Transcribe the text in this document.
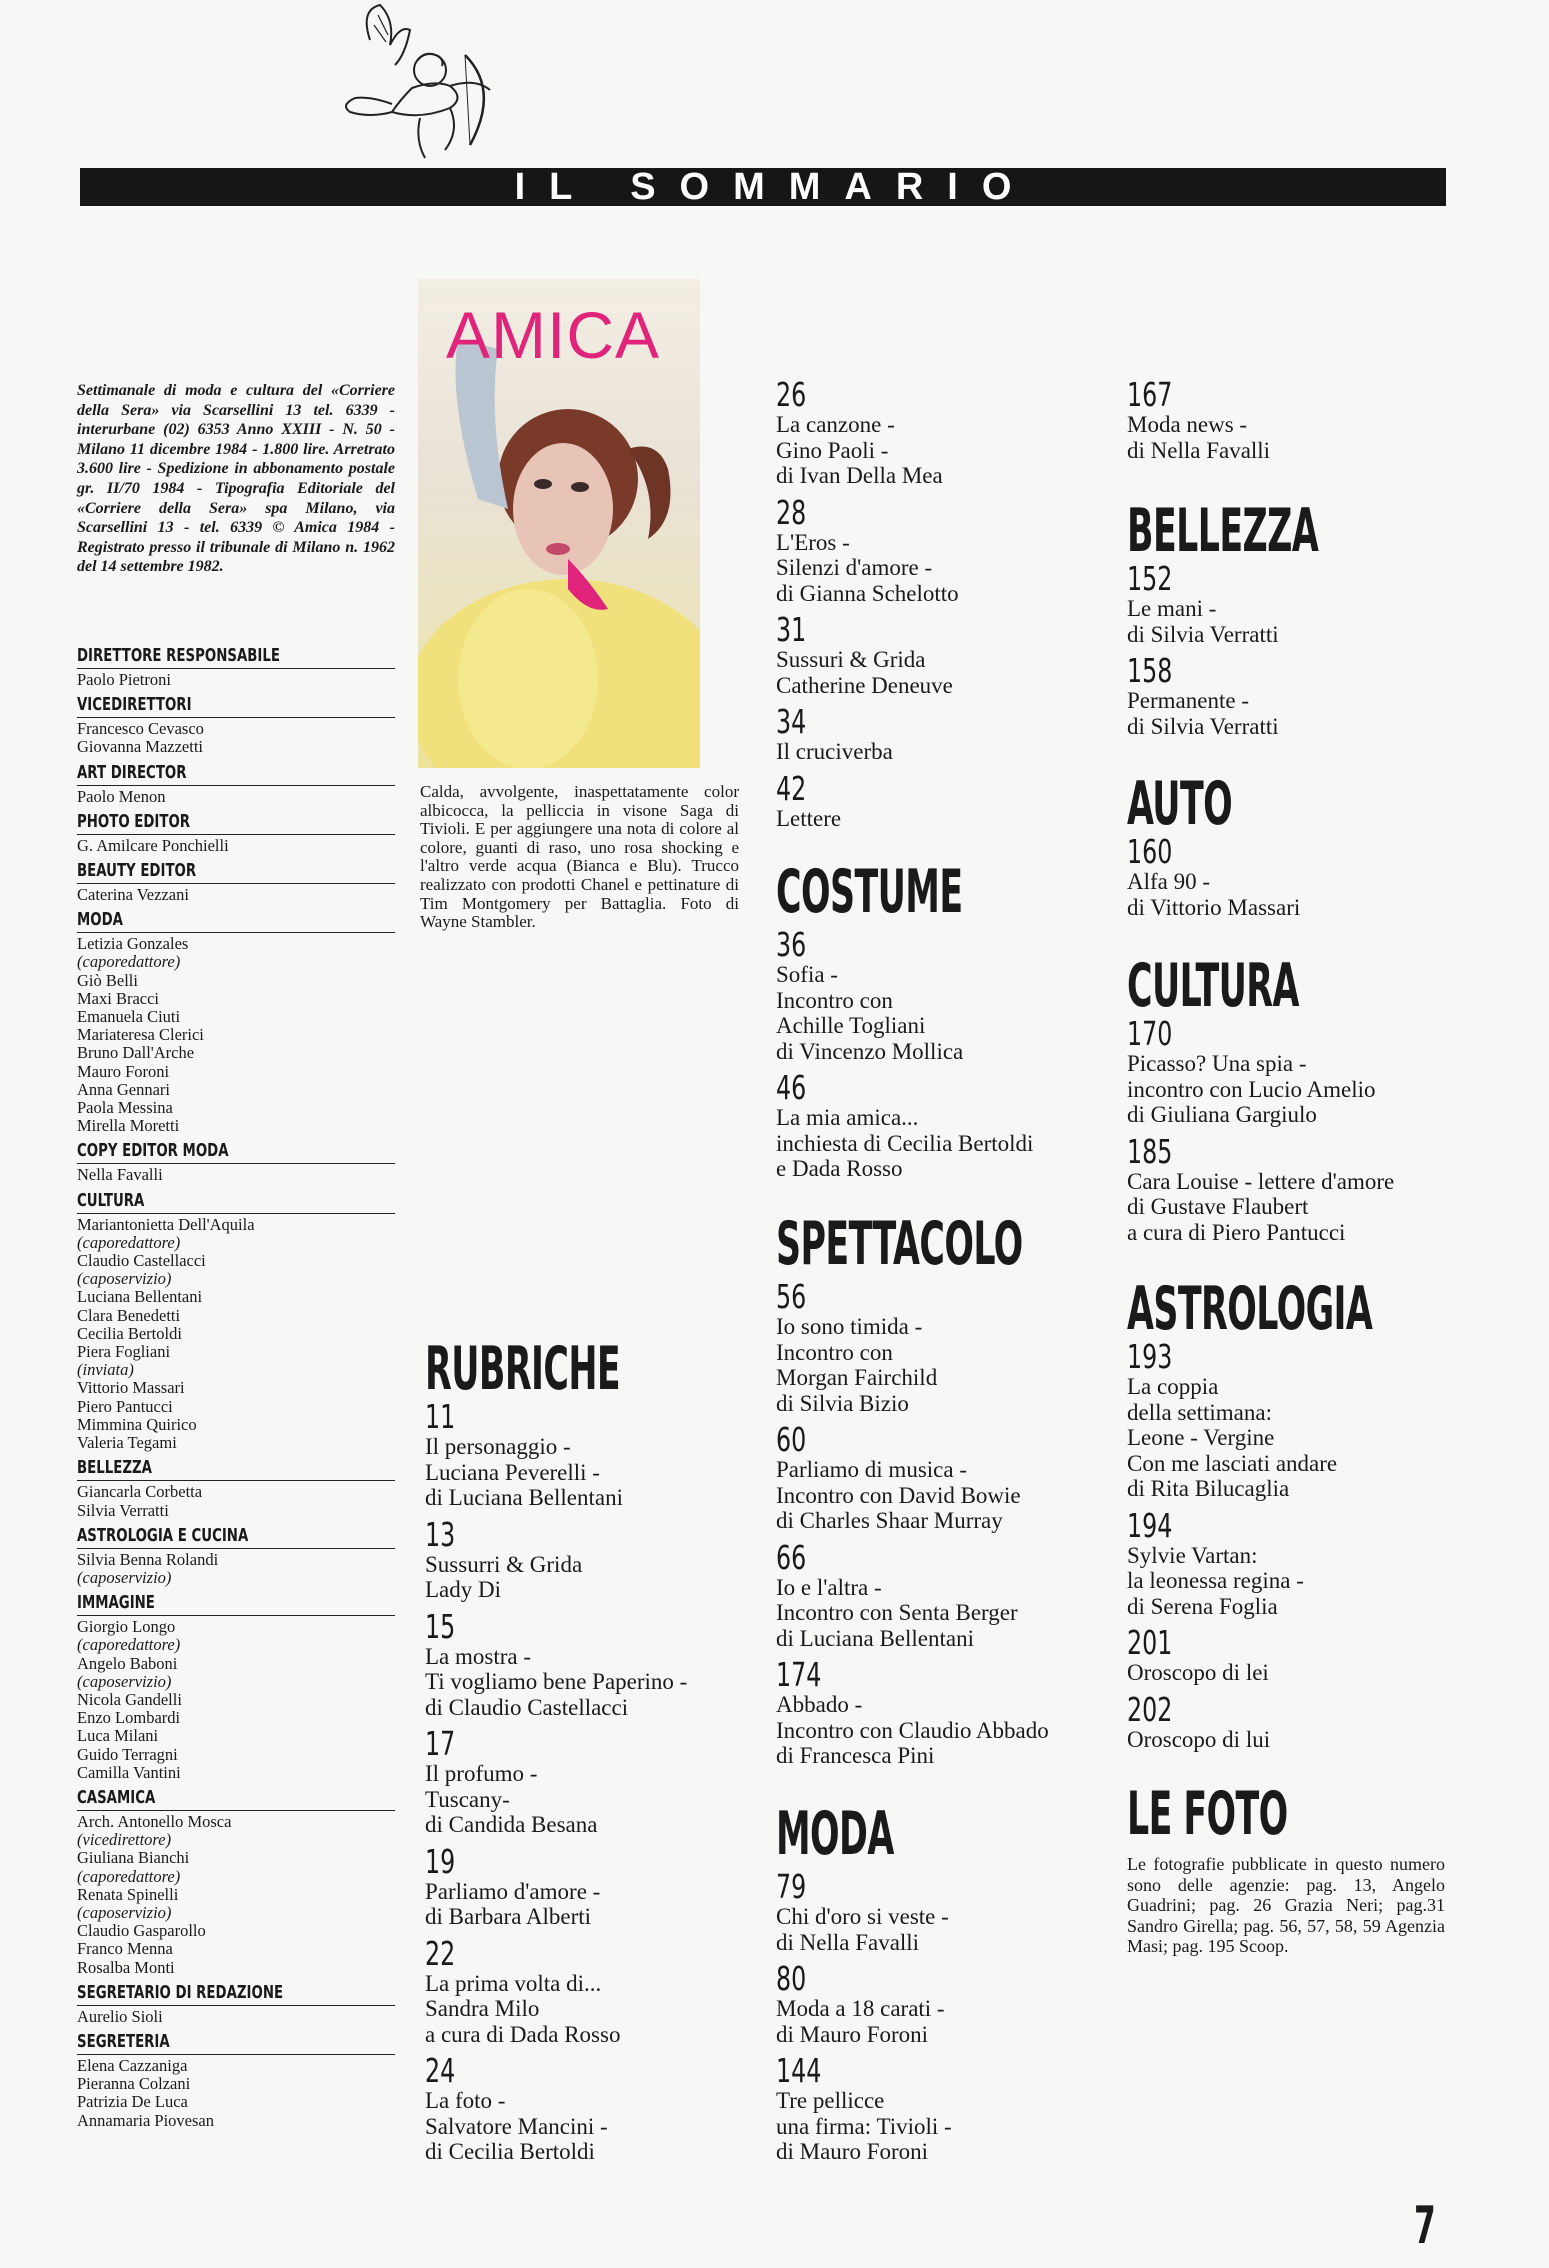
IL SOMMARIO
Settimanale di moda e cultura del «Corriere della Sera» via Scarsellini 13 tel. 6339 - interurbane (02) 6353 Anno XXIII - N. 50 - Milano 11 dicembre 1984 - 1.800 lire. Arretrato 3.600 lire - Spedizione in abbonamento postale gr. II/70 1984 - Tipografia Editoriale del «Corriere della Sera» spa Milano, via Scarsellini 13 - tel. 6339 © Amica 1984 - Registrato presso il tribunale di Milano n. 1962 del 14 settembre 1982.
DIRETTORE RESPONSABILE
Paolo Pietroni
VICEDIRETTORI
Francesco Cevasco
Giovanna Mazzetti
ART DIRECTOR
Paolo Menon
PHOTO EDITOR
G. Amilcare Ponchielli
BEAUTY EDITOR
Caterina Vezzani
MODA
Letizia Gonzales
(caporedattore)
Giò Belli
Maxi Bracci
Emanuela Ciuti
Mariateresa Clerici
Bruno Dall'Arche
Mauro Foroni
Anna Gennari
Paola Messina
Mirella Moretti
COPY EDITOR MODA
Nella Favalli
CULTURA
Mariantonietta Dell'Aquila
(caporedattore)
Claudio Castellacci
(caposervizio)
Luciana Bellentani
Clara Benedetti
Cecilia Bertoldi
Piera Fogliani
(inviata)
Vittorio Massari
Piero Pantucci
Mimmina Quirico
Valeria Tegami
BELLEZZA
Giancarla Corbetta
Silvia Verratti
ASTROLOGIA E CUCINA
Silvia Benna Rolandi
(caposervizio)
IMMAGINE
Giorgio Longo
(caporedattore)
Angelo Baboni
(caposervizio)
Nicola Gandelli
Enzo Lombardi
Luca Milani
Guido Terragni
Camilla Vantini
CASAMICA
Arch. Antonello Mosca
(vicedirettore)
Giuliana Bianchi
(caporedattore)
Renata Spinelli
(caposervizio)
Claudio Gasparollo
Franco Menna
Rosalba Monti
SEGRETARIO DI REDAZIONE
Aurelio Sioli
SEGRETERIA
Elena Cazzaniga
Pieranna Colzani
Patrizia De Luca
Annamaria Piovesan
AMICA
Calda, avvolgente, inaspettatamente color albicocca, la pelliccia in visone Saga di Tivioli. E per aggiungere una nota di colore al colore, guanti di raso, uno rosa shocking e l'altro verde acqua (Bianca e Blu). Trucco realizzato con prodotti Chanel e pettinature di Tim Montgomery per Battaglia. Foto di Wayne Stambler.
RUBRICHE
11
Il personaggio -
Luciana Peverelli -
di Luciana Bellentani
13
Sussurri & Grida
Lady Di
15
La mostra -
Ti vogliamo bene Paperino -
di Claudio Castellacci
17
Il profumo -
Tuscany-
di Candida Besana
19
Parliamo d'amore -
di Barbara Alberti
22
La prima volta di...
Sandra Milo
a cura di Dada Rosso
24
La foto -
Salvatore Mancini -
di Cecilia Bertoldi
26
La canzone -
Gino Paoli -
di Ivan Della Mea
28
L'Eros -
Silenzi d'amore -
di Gianna Schelotto
31
Sussuri & Grida
Catherine Deneuve
34
Il cruciverba
42
Lettere
COSTUME
36
Sofia -
Incontro con
Achille Togliani
di Vincenzo Mollica
46
La mia amica...
inchiesta di Cecilia Bertoldi
e Dada Rosso
SPETTACOLO
56
Io sono timida -
Incontro con
Morgan Fairchild
di Silvia Bizio
60
Parliamo di musica -
Incontro con David Bowie
di Charles Shaar Murray
66
Io e l'altra -
Incontro con Senta Berger
di Luciana Bellentani
174
Abbado -
Incontro con Claudio Abbado
di Francesca Pini
MODA
79
Chi d'oro si veste -
di Nella Favalli
80
Moda a 18 carati -
di Mauro Foroni
144
Tre pellicce
una firma: Tivioli -
di Mauro Foroni
167
Moda news -
di Nella Favalli
BELLEZZA
152
Le mani -
di Silvia Verratti
158
Permanente -
di Silvia Verratti
AUTO
160
Alfa 90 -
di Vittorio Massari
CULTURA
170
Picasso? Una spia -
incontro con Lucio Amelio
di Giuliana Gargiulo
185
Cara Louise - lettere d'amore
di Gustave Flaubert
a cura di Piero Pantucci
ASTROLOGIA
193
La coppia
della settimana:
Leone - Vergine
Con me lasciati andare
di Rita Bilucaglia
194
Sylvie Vartan:
la leonessa regina -
di Serena Foglia
201
Oroscopo di lei
202
Oroscopo di lui
LE FOTO
Le fotografie pubblicate in questo numero sono delle agenzie: pag. 13, Angelo Guadrini; pag. 26 Grazia Neri; pag.31 Sandro Girella; pag. 56, 57, 58, 59 Agenzia Masi; pag. 195 Scoop.
7
